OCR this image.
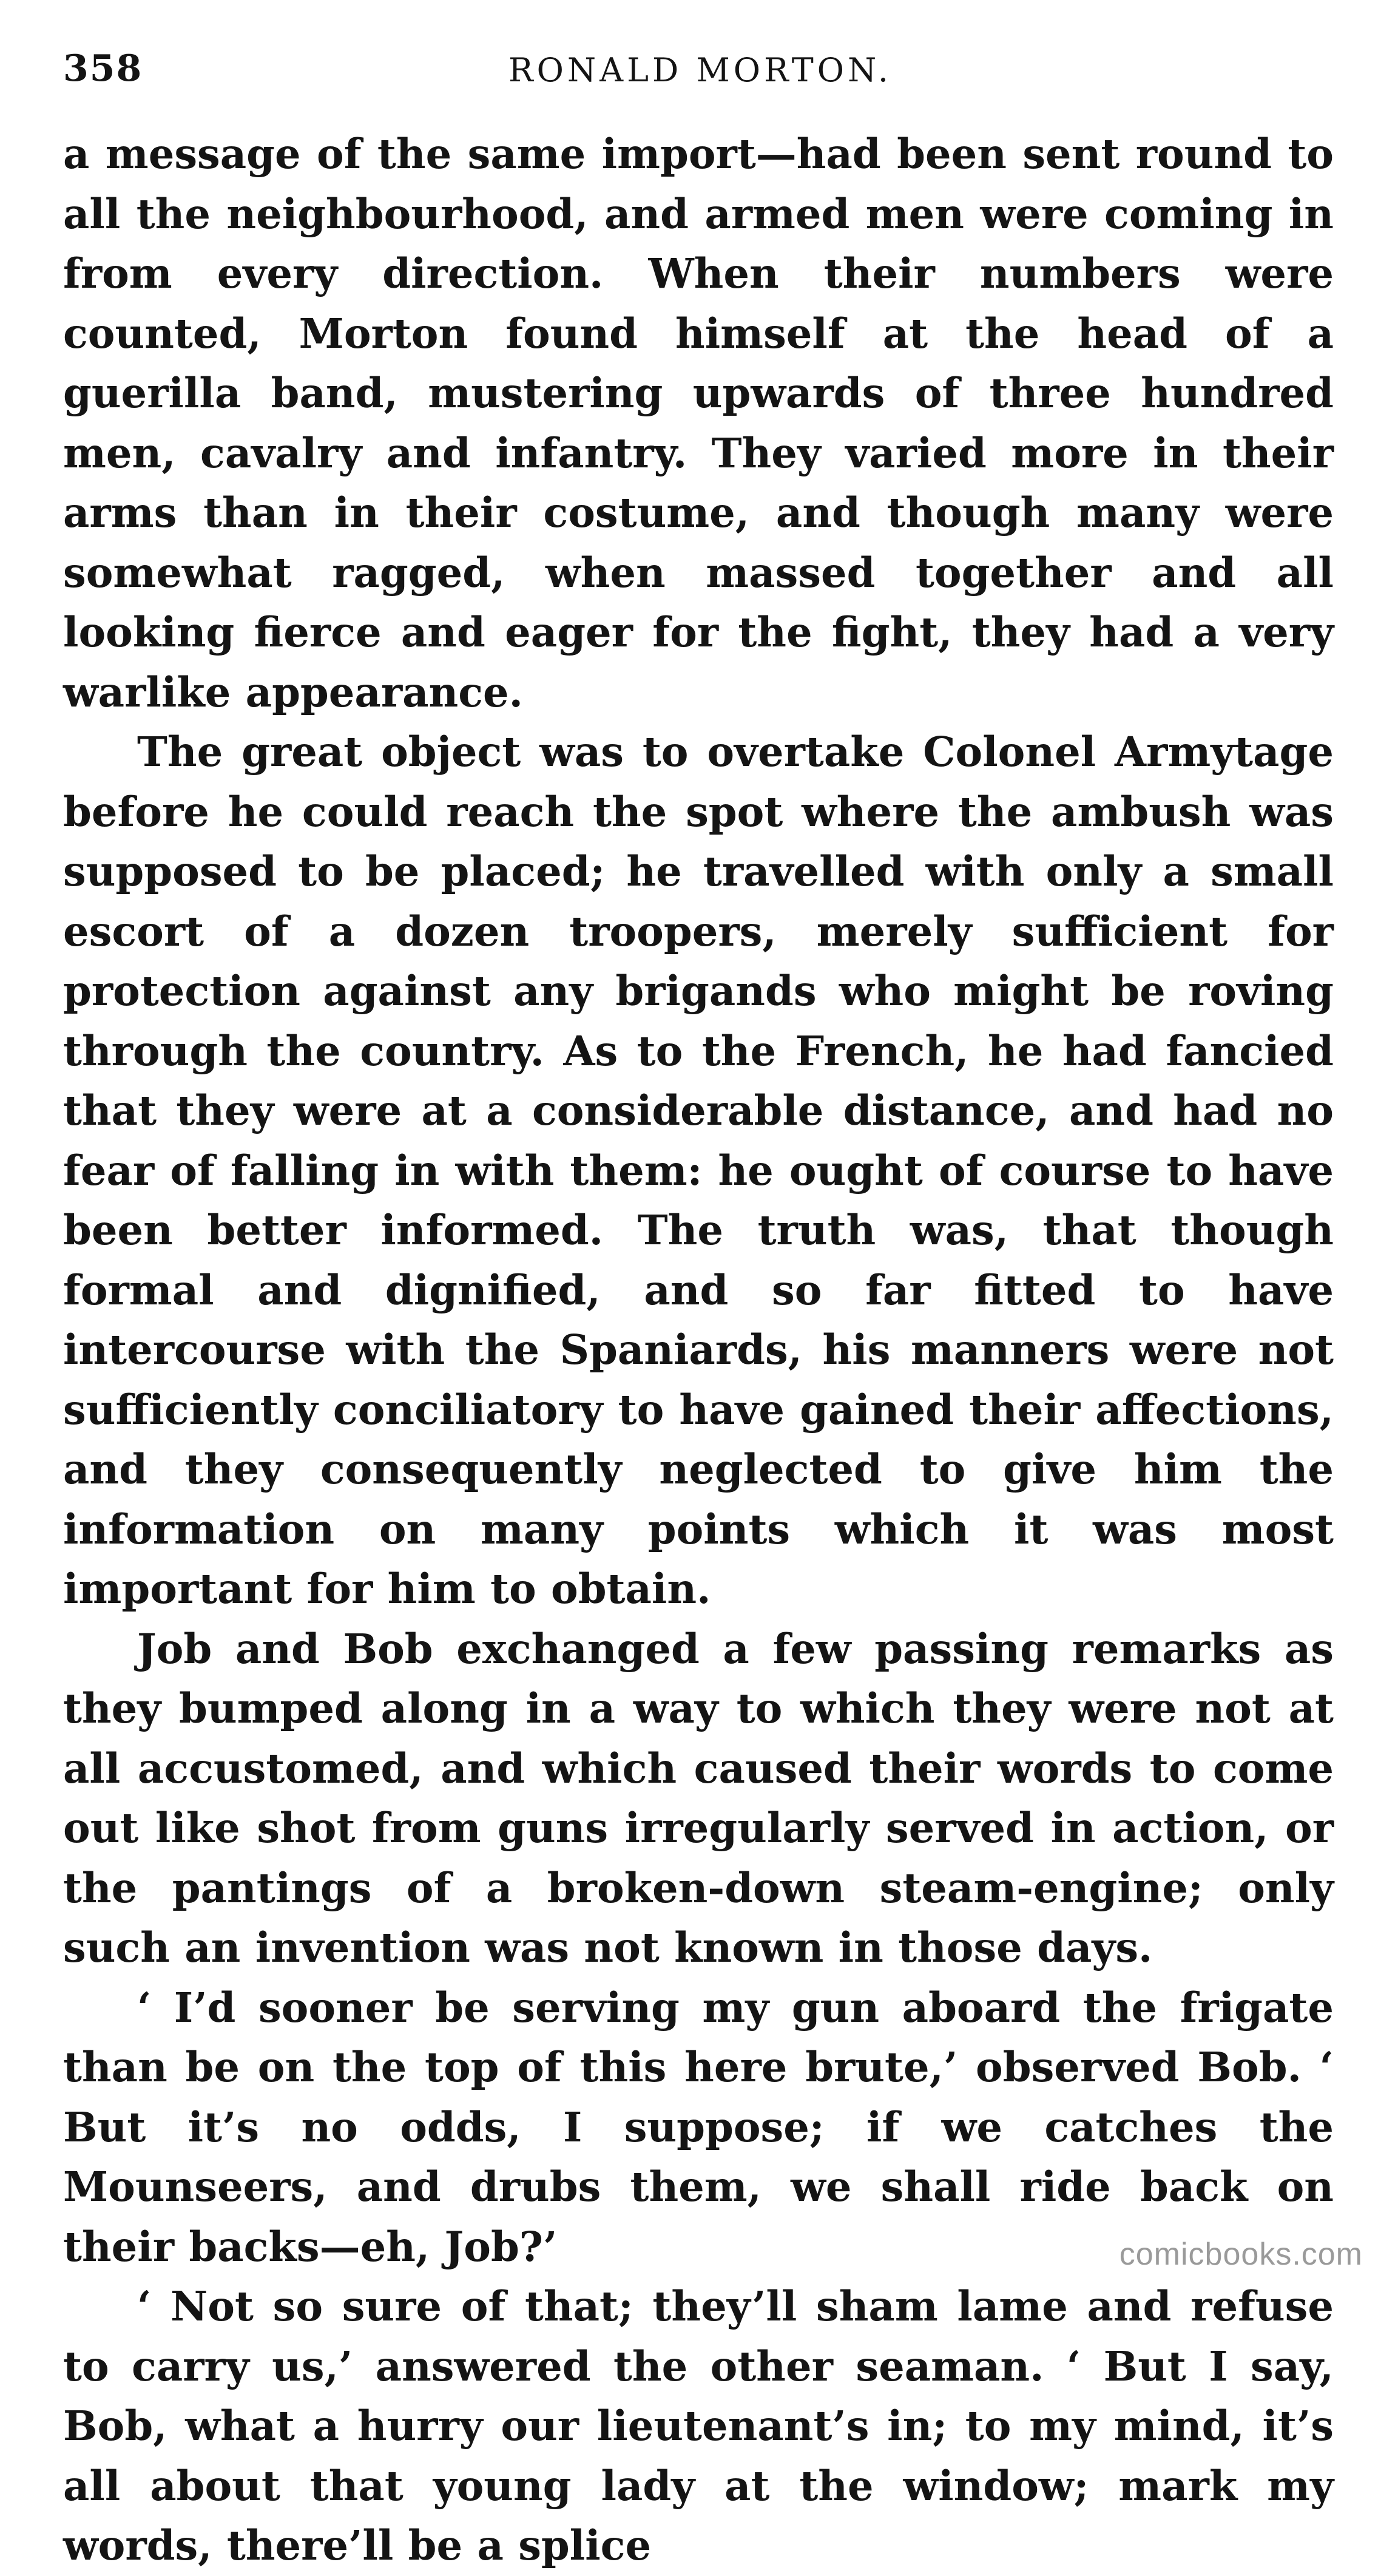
358	RONALD MORTON.

a message of the same import—had been sent round to all the neighbourhood, and armed men were coming in from every direction. When their numbers were counted, Morton found himself at the head of a guerilla band, mustering upwards of three hundred men, cavalry and infantry. They varied more in their arms than in their costume, and though many were somewhat ragged, when massed together and all looking fierce and eager for the fight, they had a very warlike appearance.

The great object was to overtake Colonel Armytage before he could reach the spot where the ambush was supposed to be placed; he travelled with only a small escort of a dozen troopers, merely sufficient for protection against any brigands who might be roving through the country. As to the French, he had fancied that they were at a considerable distance, and had no fear of falling in with them: he ought of course to have been better informed. The truth was, that though formal and dignified, and so far fitted to have intercourse with the Spaniards, his manners were not sufficiently conciliatory to have gained their affections, and they consequently neglected to give him the information on many points which it was most important for him to obtain.

Job and Bob exchanged a few passing remarks as they bumped along in a way to which they were not at all accustomed, and which caused their words to come out like shot from guns irregularly served in action, or the pantings of a broken-down steam-engine; only such an invention was not known in those days.

‘ I’d sooner be serving my gun aboard the frigate than be on the top of this here brute,’ observed Bob. ‘ But it’s no odds, I suppose; if we catches the Mounseers, and drubs them, we shall ride back on their backs—eh, Job?’

‘ Not so sure of that; they’ll sham lame and refuse to carry us,’ answered the other seaman. ‘ But I say, Bob, what a hurry our lieutenant’s in; to my mind, it’s all about that young lady at the window; mark my words, there’ll be a splice

comicbooks.com
